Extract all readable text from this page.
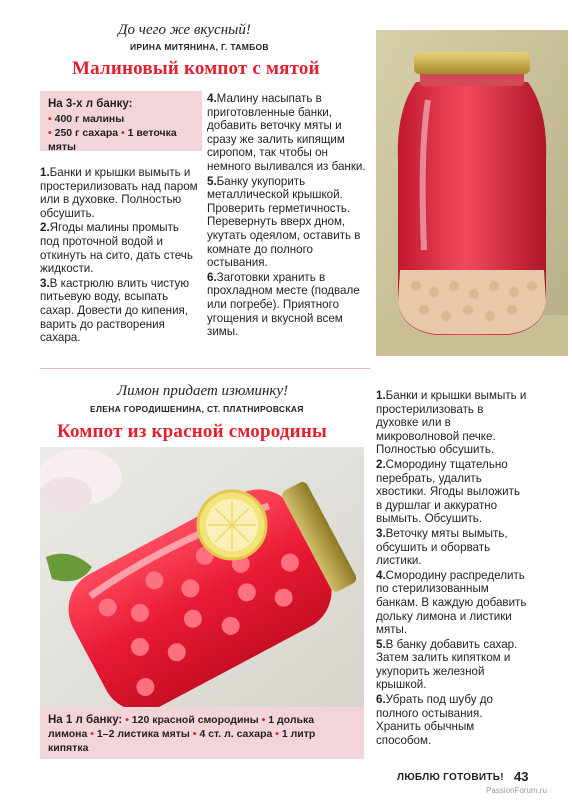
До чего же вкусный!
ИРИНА МИТЯНИНА, Г. ТАМБОВ
Малиновый компот с мятой
На 3-х л банку:
• 400 г малины
• 250 г сахара • 1 веточка мяты

1.Банки и крышки вымыть и простерилизовать над паром или в духовке. Полностью обсушить.

2.Ягоды малины промыть под проточной водой и откинуть на сито, дать стечь жидкости.

3.В кастрюлю влить чистую питьевую воду, всыпать сахар. Довести до кипения, варить до растворения сахара.

4.Малину насыпать в приготовленные банки, добавить веточку мяты и сразу же залить кипящим сиропом, так чтобы он немного выливался из банки.

5.Банку укупорить металлической крышкой. Проверить герметичность. Перевернуть вверх дном, укутать одеялом, оставить в комнате до полного остывания.

6.Заготовки хранить в прохладном месте (подвале или погребе). Приятного угощения и вкусной всем зимы.

Лимон придает изюминку!
ЕЛЕНА ГОРОДИШЕНИНА, СТ. ПЛАТНИРОВСКАЯ
Компот из красной смородины
На 1 л банку: • 120 красной смородины • 1 долька лимона • 1–2 листика мяты • 4 ст. л. сахара • 1 литр кипятка

1.Банки и крышки вымыть и простерилизовать в духовке или в микроволновой печке. Полностью обсушить.

2.Смородину тщательно перебрать, удалить хвостики. Ягоды выложить в дуршлаг и аккуратно вымыть. Обсушить.

3.Веточку мяты вымыть, обсушить и оборвать листики.

4.Смородину распределить по стерилизованным банкам. В каждую добавить дольку лимона и листики мяты.

5.В банку добавить сахар. Затем залить кипятком и укупорить железной крышкой.

6.Убрать под шубу до полного остывания. Хранить обычным способом.

ЛЮБЛЮ ГОТОВИТЬ! 43
PassionForum.ru
